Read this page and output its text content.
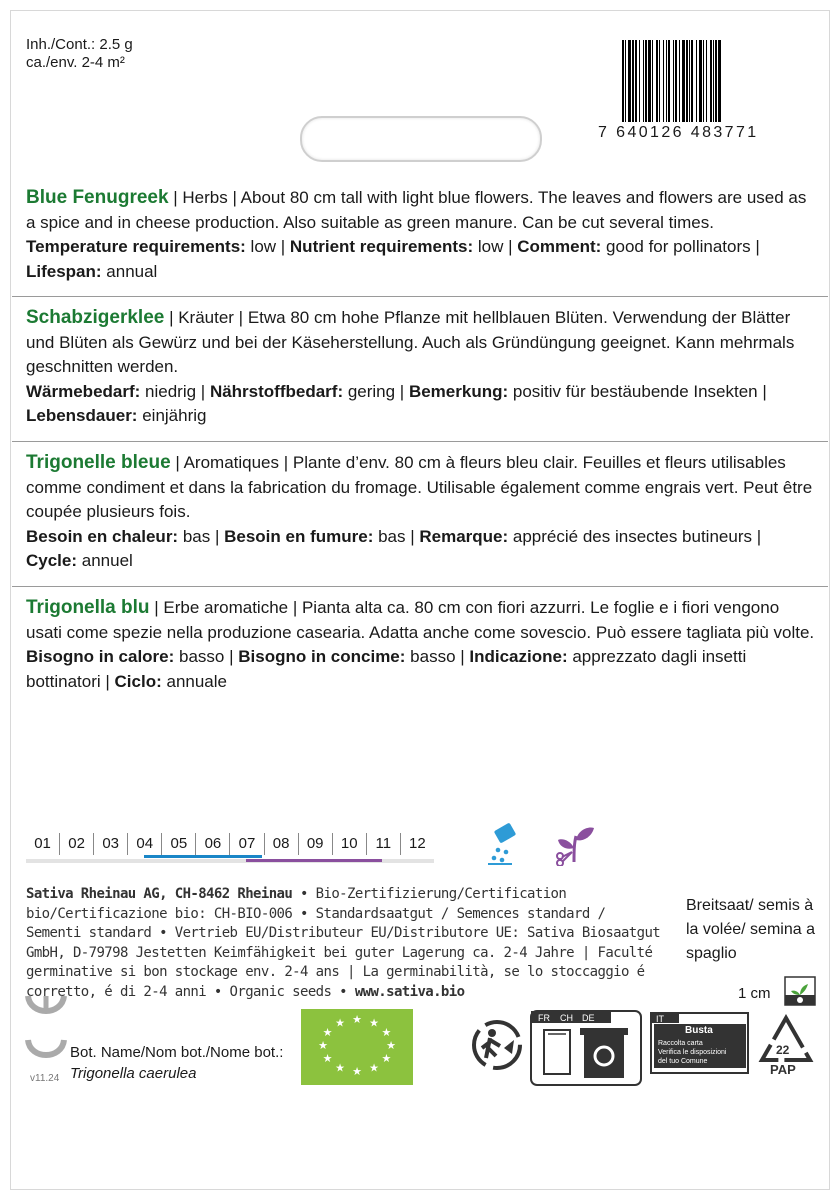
Inh./Cont.: 2.5 g
ca./env. 2-4 m²
7 640126 483771
Blue Fenugreek | Herbs | About 80 cm tall with light blue flowers. The leaves and flowers are used as a spice and in cheese production. Also suitable as green manure. Can be cut several times.
Temperature requirements: low | Nutrient requirements: low | Comment: good for pollinators | Lifespan: annual
Schabzigerklee | Kräuter | Etwa 80 cm hohe Pflanze mit hellblauen Blüten. Verwendung der Blätter und Blüten als Gewürz und bei der Käseherstellung. Auch als Gründüngung geeignet. Kann mehrmals geschnitten werden.
Wärmebedarf: niedrig | Nährstoffbedarf: gering | Bemerkung: positiv für bestäubende Insekten | Lebensdauer: einjährig
Trigonelle bleue | Aromatiques | Plante d’env. 80 cm à fleurs bleu clair. Feuilles et fleurs utilisables comme condiment et dans la fabrication du fromage. Utilisable également comme engrais vert. Peut être coupée plusieurs fois.
Besoin en chaleur: bas | Besoin en fumure: bas | Remarque: apprécié des insectes butineurs | Cycle: annuel
Trigonella blu | Erbe aromatiche | Pianta alta ca. 80 cm con fiori azzurri. Le foglie e i fiori vengono usati come spezie nella produzione casearia. Adatta anche come sovescio. Può essere tagliata più volte.
Bisogno in calore: basso | Bisogno in concime: basso | Indicazione: apprezzato dagli insetti bottinatori | Ciclo: annuale
01	02	03	04	05	06	07	08	09	10	11	12
Sativa Rheinau AG, CH-8462 Rheinau • Bio-Zertifizierung/Certification bio/Certificazione bio: CH-BIO-006 • Standardsaatgut / Semences standard / Sementi standard • Vertrieb EU/Distributeur EU/Distributore UE: Sativa Biosaatgut GmbH, D-79798 Jestetten Keimfähigkeit bei guter Lagerung ca. 2-4 Jahre | Faculté germinative si bon stockage env. 2-4 ans | La germinabilità, se lo stoccaggio é corretto, é di 2-4 anni • Organic seeds • www.sativa.bio
Breitsaat/ semis à la volée/ semina a spaglio
1 cm
Bot. Name/Nom bot./Nome bot.:
Trigonella caerulea
v11.24
★
★
★
★
★
★
★
★
★ ★ ★
★
FR CH DE	IT
Busta
Raccolta carta
Verifica le disposizioni
del tuo Comune
22
PAP
